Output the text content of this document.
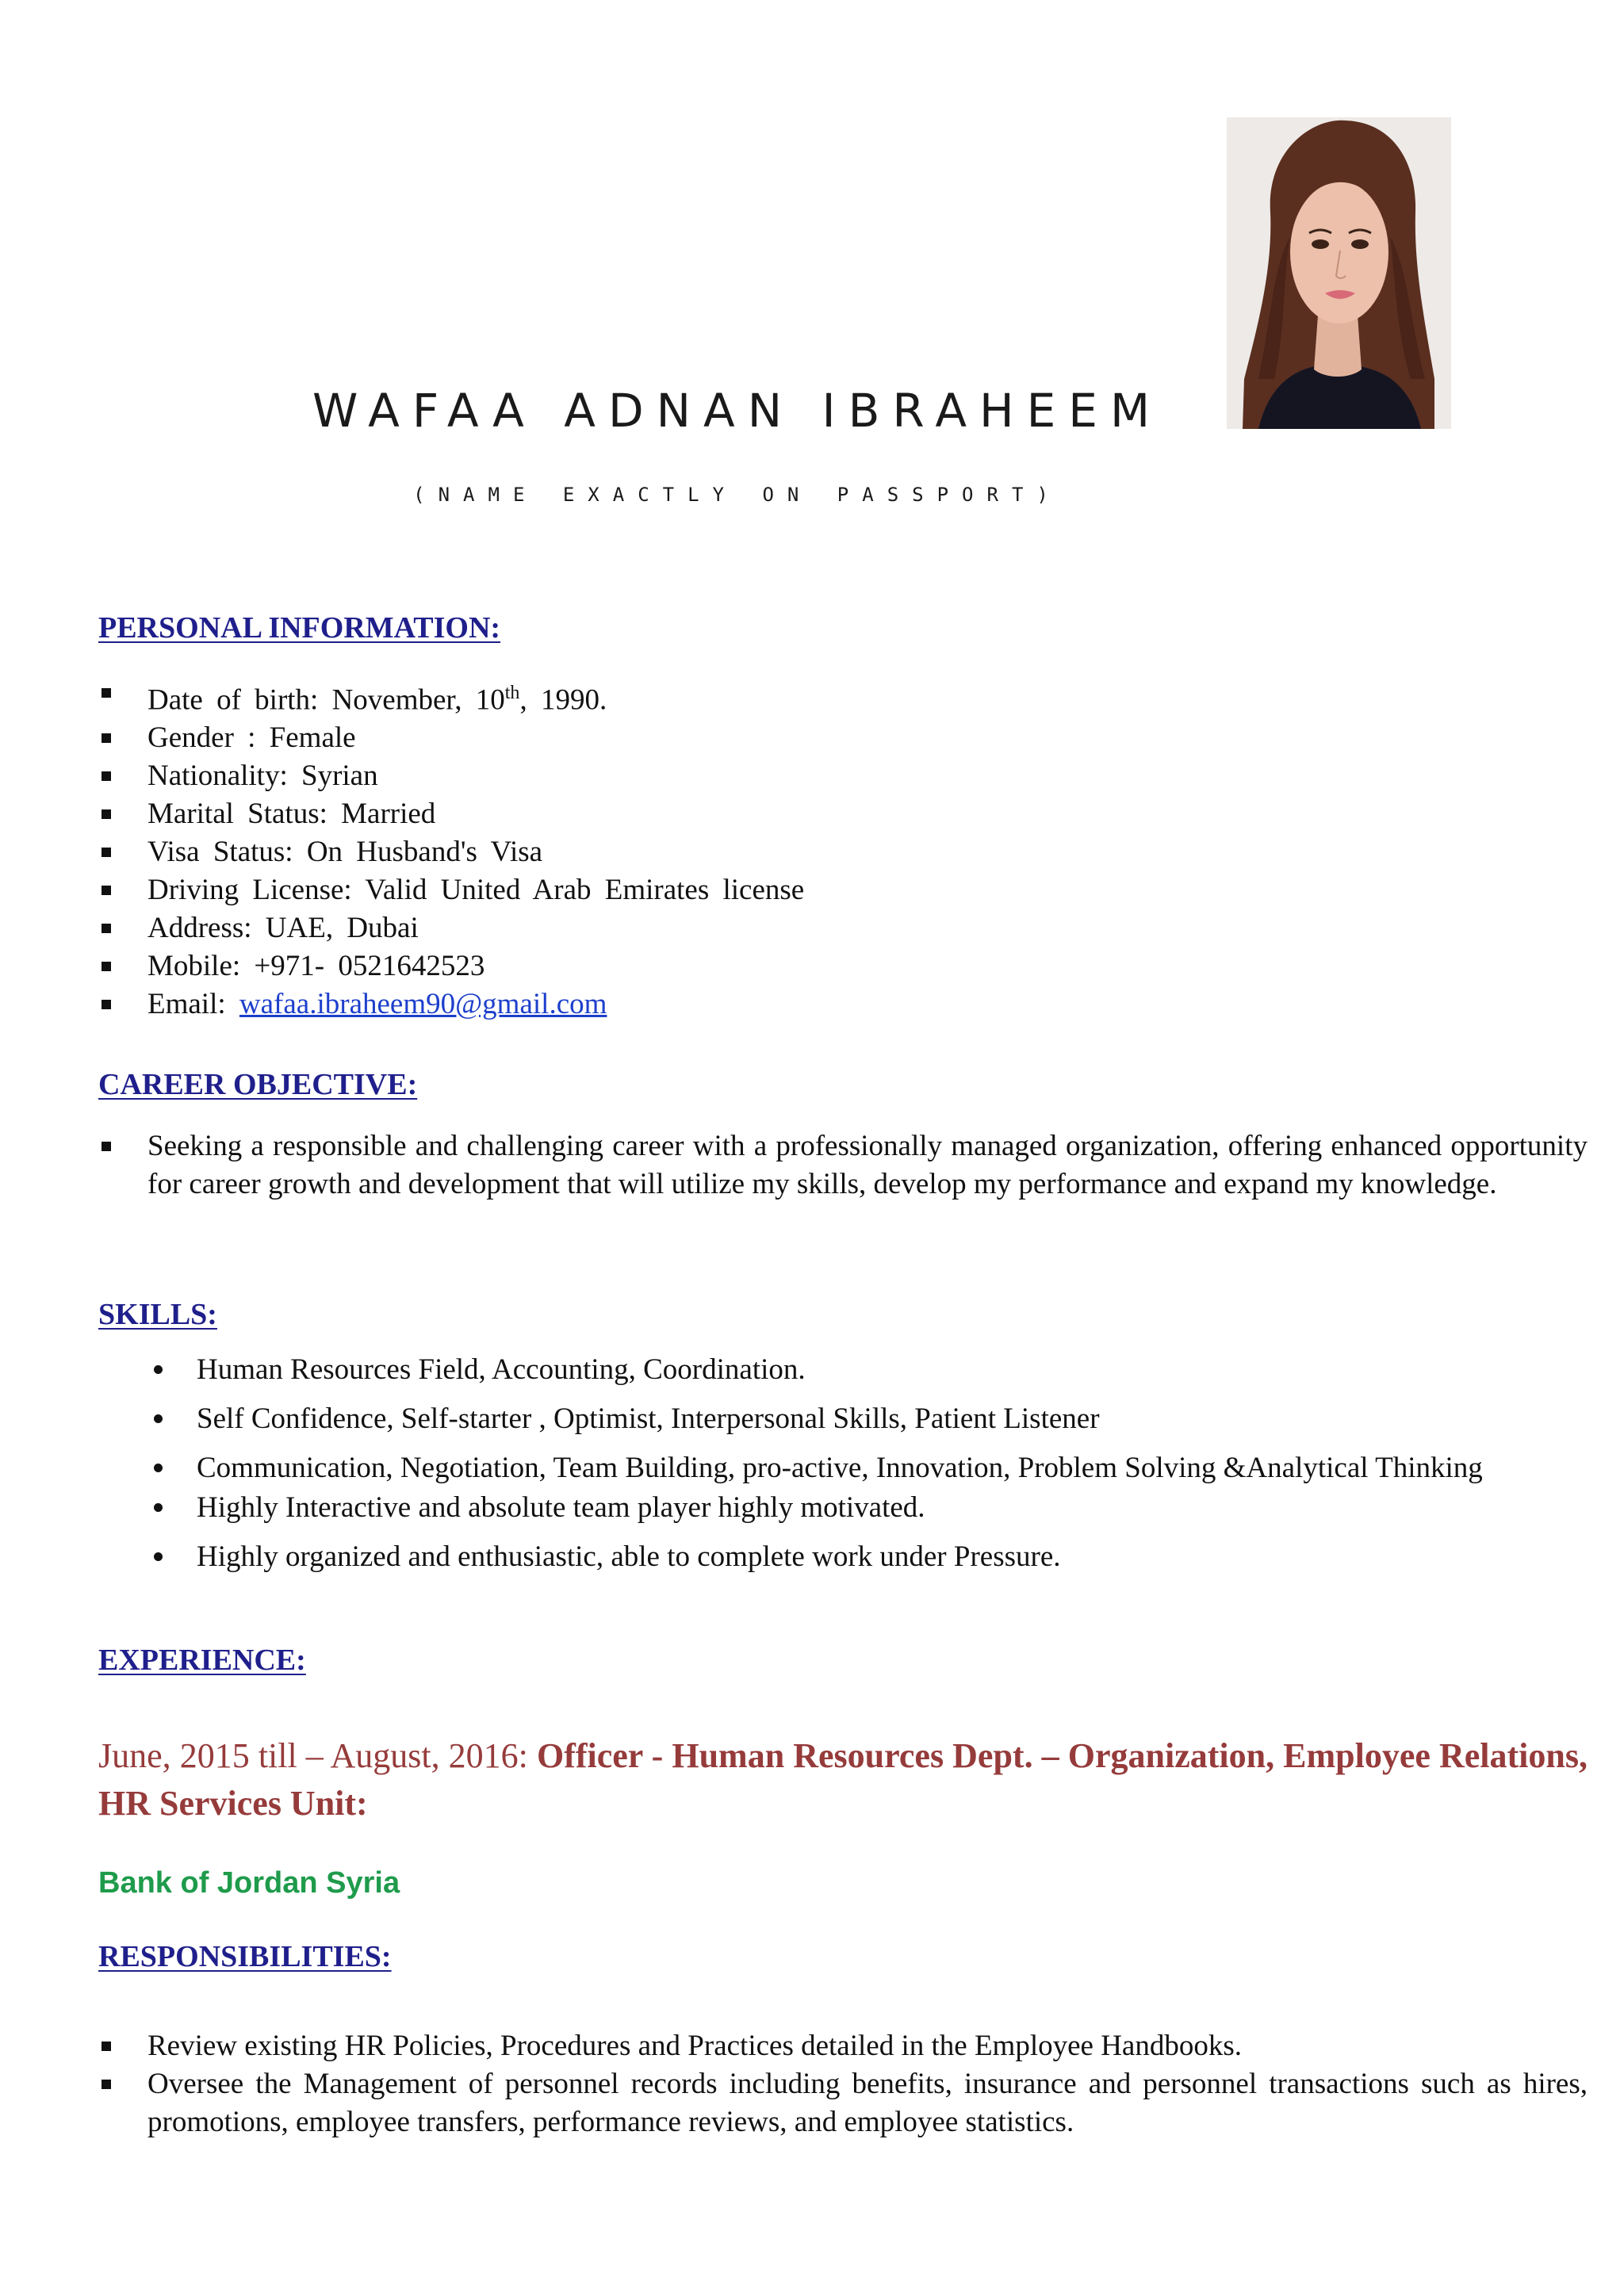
WAFAA ADNAN IBRAHEEM
(NAME EXACTLY ON PASSPORT)
PERSONAL INFORMATION:
Date of birth: November, 10th, 1990.
Gender : Female
Nationality: Syrian
Marital Status: Married
Visa Status: On Husband's Visa
Driving License: Valid United Arab Emirates license
Address: UAE, Dubai
Mobile: +971- 0521642523
Email: wafaa.ibraheem90@gmail.com
CAREER OBJECTIVE:
Seeking a responsible and challenging career with a professionally managed organization, offering enhanced opportunity for career growth and development that will utilize my skills, develop my performance and expand my knowledge.
SKILLS:
Human Resources Field, Accounting, Coordination.
Self Confidence, Self-starter , Optimist, Interpersonal Skills, Patient Listener
Communication, Negotiation, Team Building, pro-active, Innovation, Problem Solving &Analytical Thinking
Highly Interactive and absolute team player highly motivated.
Highly organized and enthusiastic, able to complete work under Pressure.
EXPERIENCE:
June, 2015 till – August, 2016: Officer - Human Resources Dept. – Organization, Employee Relations, HR Services Unit:
Bank of Jordan Syria
RESPONSIBILITIES:
Review existing HR Policies, Procedures and Practices detailed in the Employee Handbooks.
Oversee the Management of personnel records including benefits, insurance and personnel transactions such as hires, promotions, employee transfers, performance reviews, and employee statistics.
